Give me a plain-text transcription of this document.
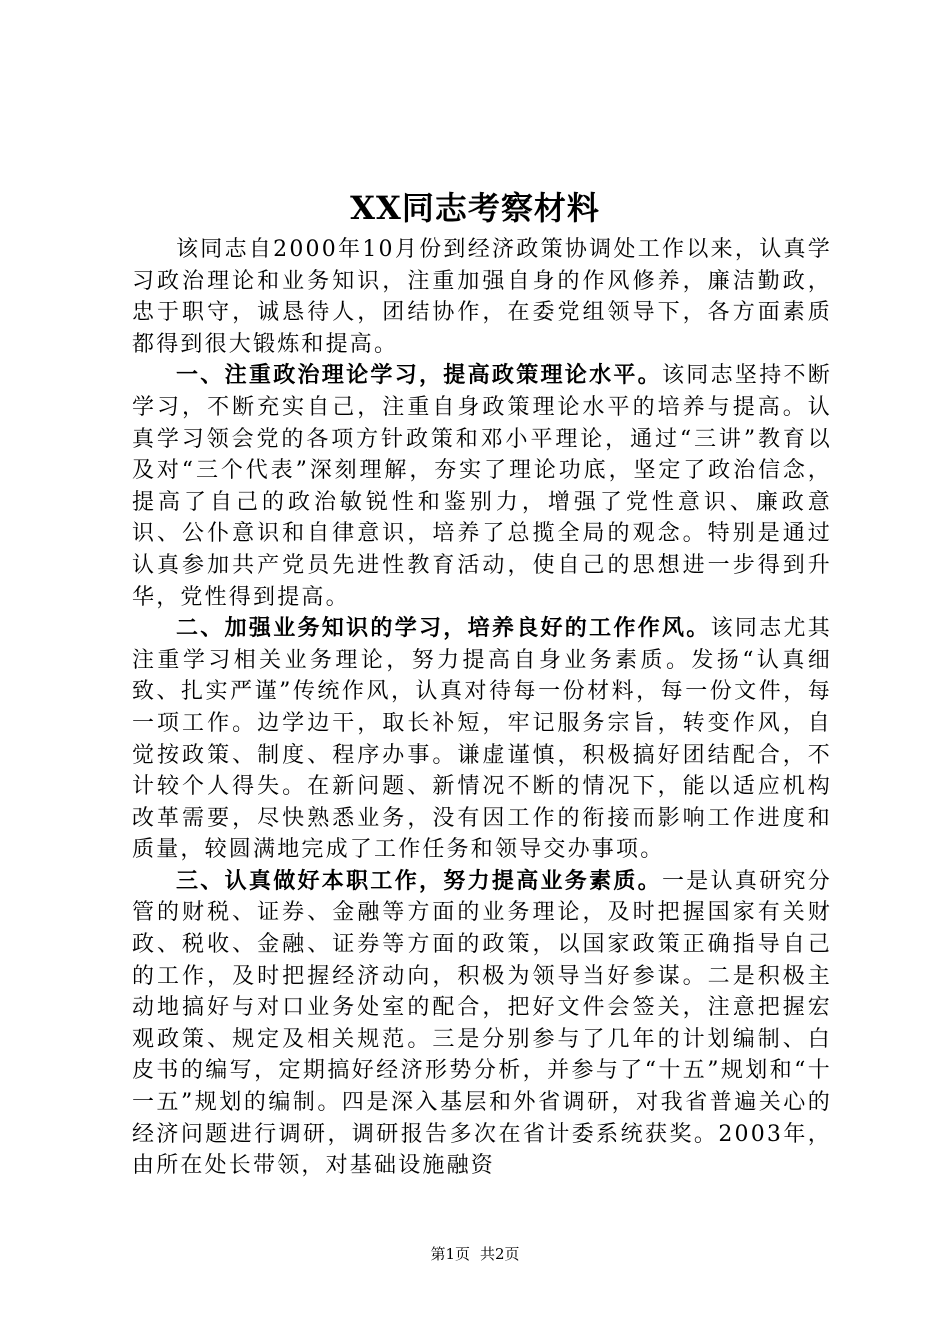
XX同志考察材料

该同志自2000年10月份到经济政策协调处工作以来，认真学习政治理论和业务知识，注重加强自身的作风修养，廉洁勤政，忠于职守，诚恳待人，团结协作，在委党组领导下，各方面素质都得到很大锻炼和提高。

一、注重政治理论学习，提高政策理论水平。该同志坚持不断学习，不断充实自己，注重自身政策理论水平的培养与提高。认真学习领会党的各项方针政策和邓小平理论，通过“三讲”教育以及对“三个代表”深刻理解，夯实了理论功底，坚定了政治信念，提高了自己的政治敏锐性和鉴别力，增强了党性意识、廉政意识、公仆意识和自律意识，培养了总揽全局的观念。特别是通过认真参加共产党员先进性教育活动，使自己的思想进一步得到升华，党性得到提高。

二、加强业务知识的学习，培养良好的工作作风。该同志尤其注重学习相关业务理论，努力提高自身业务素质。发扬“认真细致、扎实严谨”传统作风，认真对待每一份材料，每一份文件，每一项工作。边学边干，取长补短，牢记服务宗旨，转变作风，自觉按政策、制度、程序办事。谦虚谨慎，积极搞好团结配合，不计较个人得失。在新问题、新情况不断的情况下，能以适应机构改革需要，尽快熟悉业务，没有因工作的衔接而影响工作进度和质量，较圆满地完成了工作任务和领导交办事项。

三、认真做好本职工作，努力提高业务素质。一是认真研究分管的财税、证券、金融等方面的业务理论，及时把握国家有关财政、税收、金融、证券等方面的政策，以国家政策正确指导自己的工作，及时把握经济动向，积极为领导当好参谋。二是积极主动地搞好与对口业务处室的配合，把好文件会签关，注意把握宏观政策、规定及相关规范。三是分别参与了几年的计划编制、白皮书的编写，定期搞好经济形势分析，并参与了“十五”规划和“十一五”规划的编制。四是深入基层和外省调研，对我省普遍关心的经济问题进行调研，调研报告多次在省计委系统获奖。2003年，由所在处长带领，对基础设施融资

第1页 共2页
